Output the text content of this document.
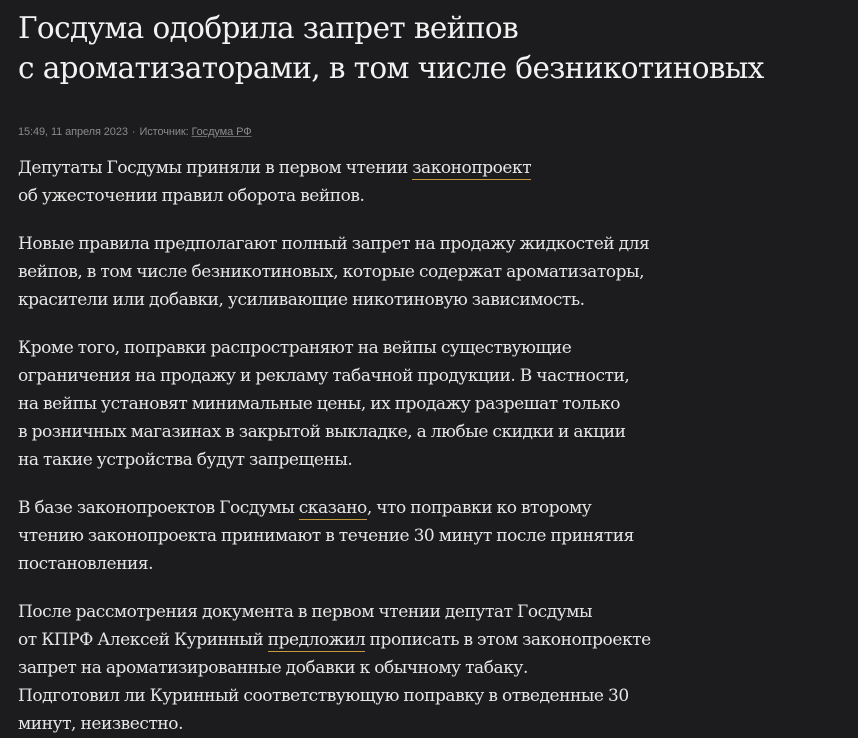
Госдума одобрила запрет вейпов
с ароматизаторами, в том числе безникотиновых
15:49, 11 апреля 2023 · Источник: Госдума РФ

Депутаты Госдумы приняли в первом чтении законопроект
об ужесточении правил оборота вейпов.

Новые правила предполагают полный запрет на продажу жидкостей для
вейпов, в том числе безникотиновых, которые содержат ароматизаторы,
красители или добавки, усиливающие никотиновую зависимость.

Кроме того, поправки распространяют на вейпы существующие
ограничения на продажу и рекламу табачной продукции. В частности,
на вейпы установят минимальные цены, их продажу разрешат только
в розничных магазинах в закрытой выкладке, а любые скидки и акции
на такие устройства будут запрещены.

В базе законопроектов Госдумы сказано, что поправки ко второму
чтению законопроекта принимают в течение 30 минут после принятия
постановления.

После рассмотрения документа в первом чтении депутат Госдумы
от КПРФ Алексей Куринный предложил прописать в этом законопроекте
запрет на ароматизированные добавки к обычному табаку.
Подготовил ли Куринный соответствующую поправку в отведенные 30
минут, неизвестно.
